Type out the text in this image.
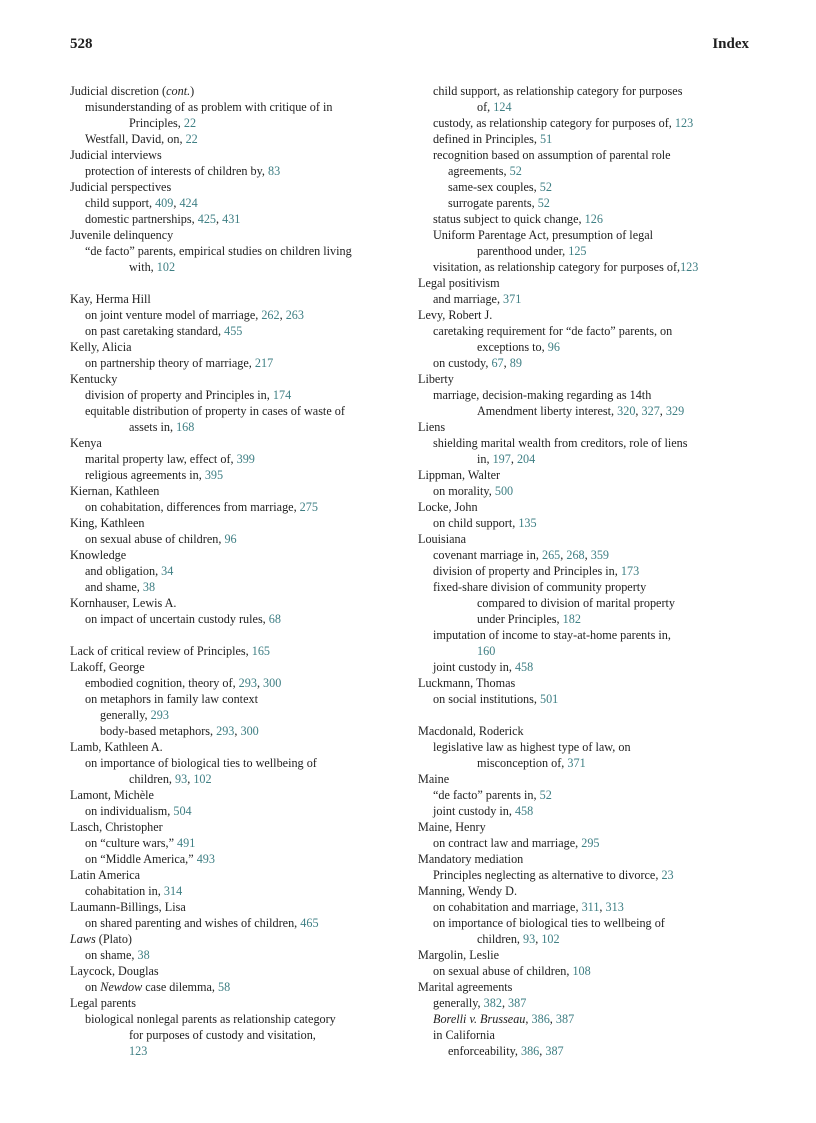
528	Index
Judicial discretion (cont.)
misunderstanding of as problem with critique of in
Principles, 22
Westfall, David, on, 22
Judicial interviews
protection of interests of children by, 83
Judicial perspectives
child support, 409, 424
domestic partnerships, 425, 431
Juvenile delinquency
“de facto” parents, empirical studies on children living
with, 102
Kay, Herma Hill
on joint venture model of marriage, 262, 263
on past caretaking standard, 455
Kelly, Alicia
on partnership theory of marriage, 217
Kentucky
division of property and Principles in, 174
equitable distribution of property in cases of waste of
assets in, 168
Kenya
marital property law, effect of, 399
religious agreements in, 395
Kiernan, Kathleen
on cohabitation, differences from marriage, 275
King, Kathleen
on sexual abuse of children, 96
Knowledge
and obligation, 34
and shame, 38
Kornhauser, Lewis A.
on impact of uncertain custody rules, 68
Lack of critical review of Principles, 165
Lakoff, George
embodied cognition, theory of, 293, 300
on metaphors in family law context
generally, 293
body-based metaphors, 293, 300
Lamb, Kathleen A.
on importance of biological ties to wellbeing of
children, 93, 102
Lamont, Michèle
on individualism, 504
Lasch, Christopher
on “culture wars,” 491
on “Middle America,” 493
Latin America
cohabitation in, 314
Laumann-Billings, Lisa
on shared parenting and wishes of children, 465
Laws (Plato)
on shame, 38
Laycock, Douglas
on Newdow case dilemma, 58
Legal parents
biological nonlegal parents as relationship category
for purposes of custody and visitation,
123
child support, as relationship category for purposes
of, 124
custody, as relationship category for purposes of, 123
defined in Principles, 51
recognition based on assumption of parental role
agreements, 52
same-sex couples, 52
surrogate parents, 52
status subject to quick change, 126
Uniform Parentage Act, presumption of legal
parenthood under, 125
visitation, as relationship category for purposes of,123
Legal positivism
and marriage, 371
Levy, Robert J.
caretaking requirement for “de facto” parents, on
exceptions to, 96
on custody, 67, 89
Liberty
marriage, decision-making regarding as 14th
Amendment liberty interest, 320, 327, 329
Liens
shielding marital wealth from creditors, role of liens
in, 197, 204
Lippman, Walter
on morality, 500
Locke, John
on child support, 135
Louisiana
covenant marriage in, 265, 268, 359
division of property and Principles in, 173
fixed-share division of community property
compared to division of marital property
under Principles, 182
imputation of income to stay-at-home parents in,
160
joint custody in, 458
Luckmann, Thomas
on social institutions, 501
Macdonald, Roderick
legislative law as highest type of law, on
misconception of, 371
Maine
“de facto” parents in, 52
joint custody in, 458
Maine, Henry
on contract law and marriage, 295
Mandatory mediation
Principles neglecting as alternative to divorce, 23
Manning, Wendy D.
on cohabitation and marriage, 311, 313
on importance of biological ties to wellbeing of
children, 93, 102
Margolin, Leslie
on sexual abuse of children, 108
Marital agreements
generally, 382, 387
Borelli v. Brusseau, 386, 387
in California
enforceability, 386, 387
